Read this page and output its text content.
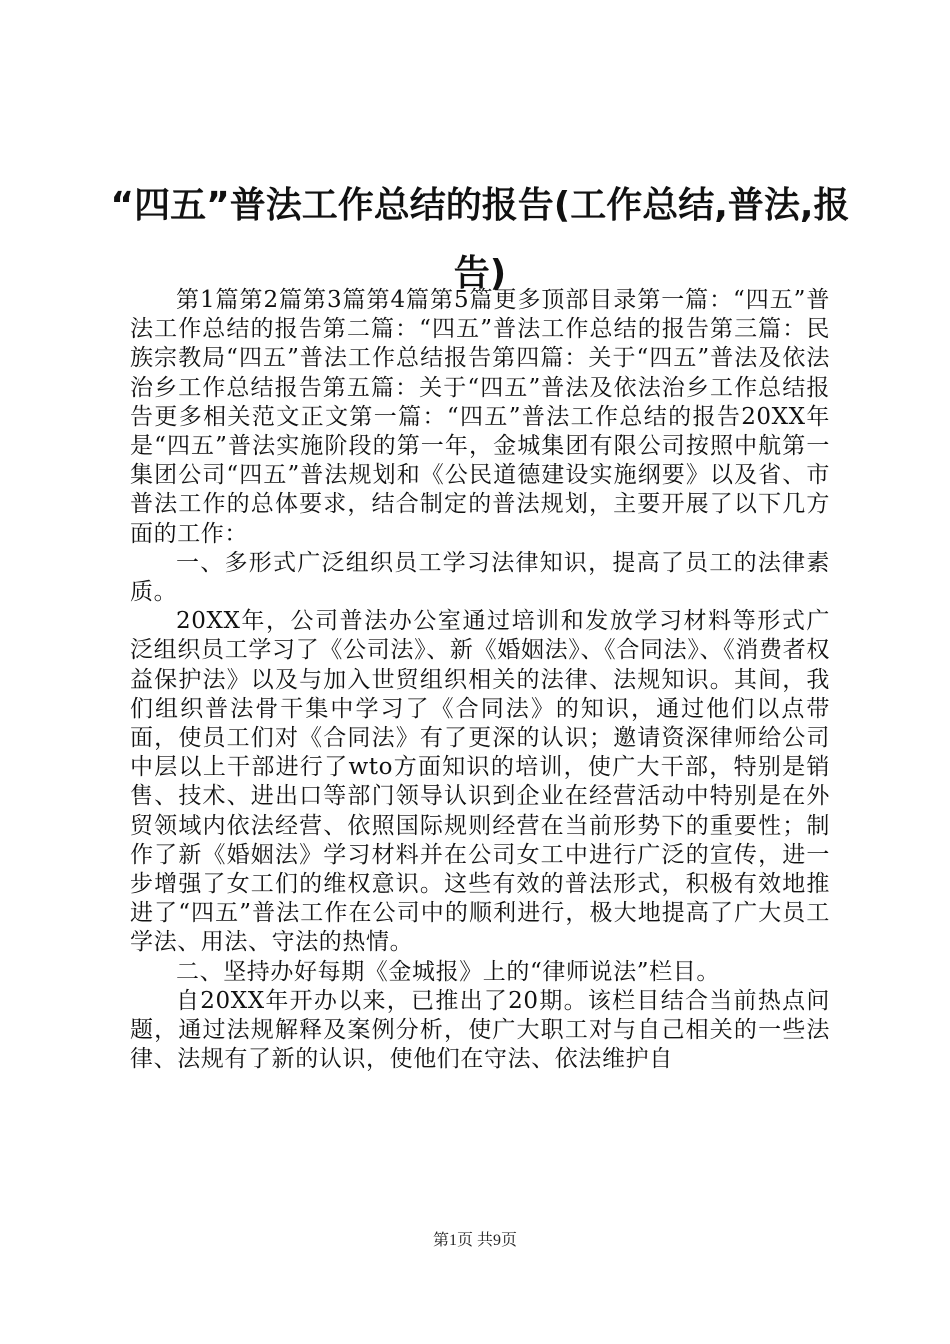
“四五”普法工作总结的报告(工作总结,普法,报告)

第1篇第2篇第3篇第4篇第5篇更多顶部目录第一篇：“四五”普法工作总结的报告第二篇：“四五”普法工作总结的报告第三篇：民族宗教局“四五”普法工作总结报告第四篇：关于“四五”普法及依法治乡工作总结报告第五篇：关于“四五”普法及依法治乡工作总结报告更多相关范文正文第一篇：“四五”普法工作总结的报告20XX年是“四五”普法实施阶段的第一年，金城集团有限公司按照中航第一集团公司“四五”普法规划和《公民道德建设实施纲要》以及省、市普法工作的总体要求，结合制定的普法规划，主要开展了以下几方面的工作：

一、多形式广泛组织员工学习法律知识，提高了员工的法律素质。

20XX年，公司普法办公室通过培训和发放学习材料等形式广泛组织员工学习了《公司法》、新《婚姻法》、《合同法》、《消费者权益保护法》以及与加入世贸组织相关的法律、法规知识。其间，我们组织普法骨干集中学习了《合同法》的知识，通过他们以点带面，使员工们对《合同法》有了更深的认识；邀请资深律师给公司中层以上干部进行了wto方面知识的培训，使广大干部，特别是销售、技术、进出口等部门领导认识到企业在经营活动中特别是在外贸领域内依法经营、依照国际规则经营在当前形势下的重要性；制作了新《婚姻法》学习材料并在公司女工中进行广泛的宣传，进一步增强了女工们的维权意识。这些有效的普法形式，积极有效地推进了“四五”普法工作在公司中的顺利进行，极大地提高了广大员工学法、用法、守法的热情。

二、坚持办好每期《金城报》上的“律师说法”栏目。

自20XX年开办以来，已推出了20期。该栏目结合当前热点问题，通过法规解释及案例分析，使广大职工对与自己相关的一些法律、法规有了新的认识，使他们在守法、依法维护自

第1页 共9页
